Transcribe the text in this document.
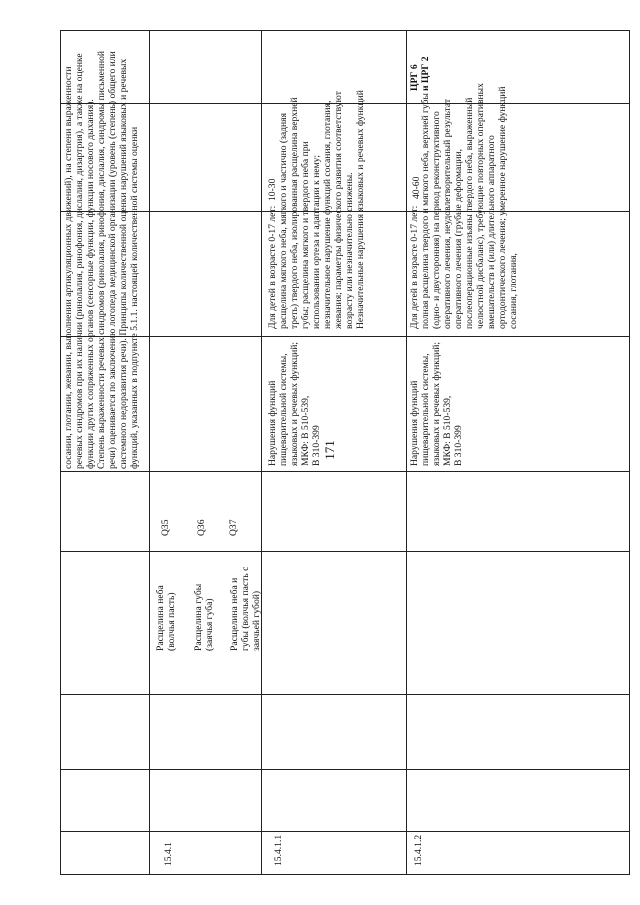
171
сосании, глотании, жевании, выполнении артикуляционных движений), на степени выраженности речевых синдромов при их наличии (ринолалия, ринофония, дислалия, дизартрия), а также на оценке функции других сопряженных органов (сенсорные функции, функции носового дыхания).
Степень выраженности речевых синдромов (ринолалия, ринофония, дислалия, синдромы письменной речи) оценивается по заключению логопеда медицинской организации (уровень (степень) общего или системного недоразвития речи). Принципы количественной оценки нарушений языковых и речевых функций, указанных в подпункте 5.1.1. настоящей количественной системы оценки
15.4.1
Расщелина неба (волчья пасть)
Q35
Расщелина губы (заячья губа)
Q36
Расщелина неба и губы (волчья пасть с заячьей губой)
Q37
15.4.1.1
Нарушения функций пищеварительной системы, языковых и речевых функций;
МКФ: B 510-539,
B 310-399
Для детей в возрасте 0-17 лет:
расщелина мягкого неба, мягкого и частично (задняя треть) твердого неба, изолированная расщелина верхней губы; расщелина мягкого и твердого неба при использовании ортеза и адаптации к нему; незначительное нарушение функций сосания, глотания, жевания; параметры физического развития соответствуют возрасту или незначительно снижены.
Незначительные нарушения языковых и речевых функций
10-30
15.4.1.2
Нарушения функций пищеварительной системы, языковых и речевых функций;
МКФ: B 510-539,
B 310-399
Для детей в возрасте 0-17 лет:
полная расщелина твердого и мягкого неба, верхней губы (одно- и двусторонняя) на период реконструктивного оперативного лечения, неудовлетворительный результат оперативного лечения (грубые деформации, послеоперационные изъяны твердого неба, выраженный челюстной дисбаланс), требующие повторных оперативных вмешательств и (или) длительного аппаратного ортодонтического лечения; умеренное нарушение функций сосания, глотания,
40-60
ЦРГ 6
и ЦРГ 2
